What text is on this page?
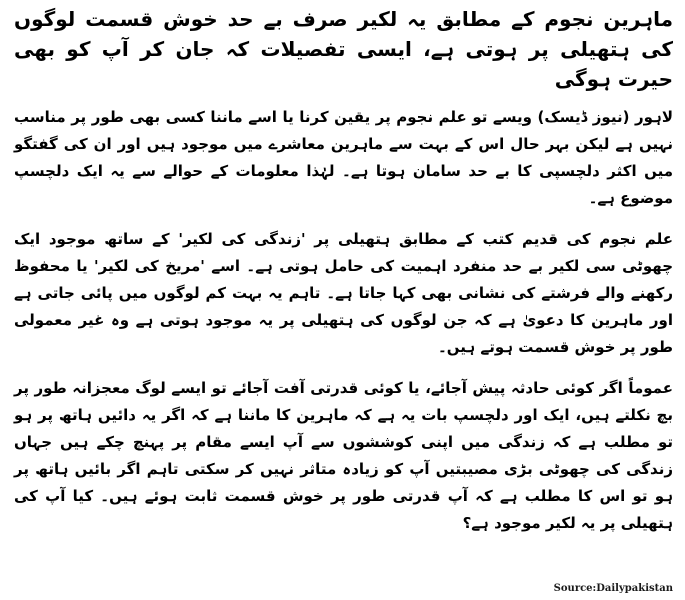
ماہرین نجوم کے مطابق یہ لکیر صرف بے حد خوش قسمت لوگوں کی ہتھیلی پر ہوتی ہے، ایسی تفصیلات کہ جان کر آپ کو بھی حیرت ہوگی

لاہور (نیوز ڈیسک) ویسے تو علم نجوم پر یقین کرنا یا اسے ماننا کسی بھی طور پر مناسب نہیں ہے لیکن بہر حال اس کے بہت سے ماہرین معاشرے میں موجود ہیں اور ان کی گفتگو میں اکثر دلچسپی کا بے حد سامان ہوتا ہے۔ لہٰذا معلومات کے حوالے سے یہ ایک دلچسپ موضوع ہے۔

علم نجوم کی قدیم کتب کے مطابق ہتھیلی پر 'زندگی کی لکیر' کے ساتھ موجود ایک چھوٹی سی لکیر بے حد منفرد اہمیت کی حامل ہوتی ہے۔ اسے 'مریخ کی لکیر' یا محفوظ رکھنے والے فرشتے کی نشانی بھی کہا جاتا ہے۔ تاہم یہ بہت کم لوگوں میں پائی جاتی ہے اور ماہرین کا دعویٰ ہے کہ جن لوگوں کی ہتھیلی پر یہ موجود ہوتی ہے وہ غیر معمولی طور پر خوش قسمت ہوتے ہیں۔

عموماً اگر کوئی حادثہ پیش آجائے، یا کوئی قدرتی آفت آجائے تو ایسے لوگ معجزانہ طور پر بچ نکلتے ہیں، ایک اور دلچسپ بات یہ ہے کہ ماہرین کا ماننا ہے کہ اگر یہ دائیں ہاتھ پر ہو تو مطلب ہے کہ زندگی میں اپنی کوششوں سے آپ ایسے مقام پر پہنچ چکے ہیں جہاں زندگی کی چھوٹی بڑی مصیبتیں آپ کو زیادہ متاثر نہیں کر سکتی تاہم اگر بائیں ہاتھ پر ہو تو اس کا مطلب ہے کہ آپ قدرتی طور پر خوش قسمت ثابت ہوئے ہیں۔ کیا آپ کی ہتھیلی پر یہ لکیر موجود ہے؟

Source:Dailypakistan
